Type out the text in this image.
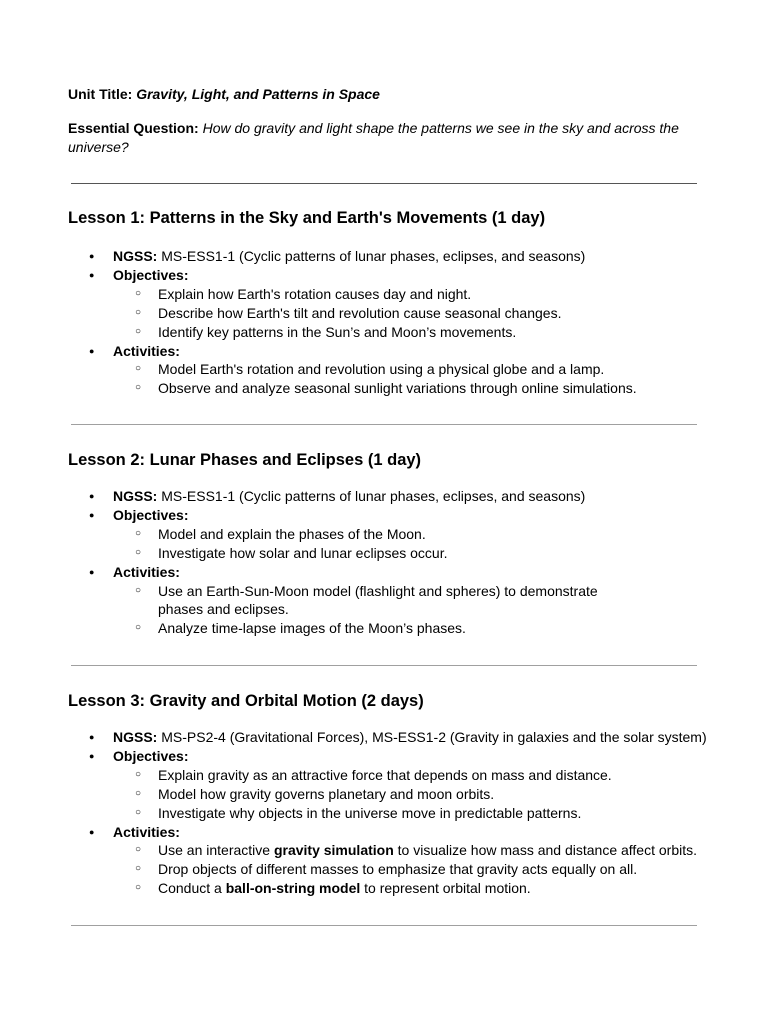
Unit Title: Gravity, Light, and Patterns in Space

Essential Question: How do gravity and light shape the patterns we see in the sky and across the universe?

Lesson 1: Patterns in the Sky and Earth's Movements (1 day)
● NGSS: MS-ESS1-1 (Cyclic patterns of lunar phases, eclipses, and seasons)
● Objectives:
○ Explain how Earth's rotation causes day and night.
○ Describe how Earth's tilt and revolution cause seasonal changes.
○ Identify key patterns in the Sun’s and Moon’s movements.
● Activities:
○ Model Earth's rotation and revolution using a physical globe and a lamp.
○ Observe and analyze seasonal sunlight variations through online simulations.
Lesson 2: Lunar Phases and Eclipses (1 day)
● NGSS: MS-ESS1-1 (Cyclic patterns of lunar phases, eclipses, and seasons)
● Objectives:
○ Model and explain the phases of the Moon.
○ Investigate how solar and lunar eclipses occur.
● Activities:
○ Use an Earth-Sun-Moon model (flashlight and spheres) to demonstrate phases and eclipses.
○ Analyze time-lapse images of the Moon’s phases.
Lesson 3: Gravity and Orbital Motion (2 days)
● NGSS: MS-PS2-4 (Gravitational Forces), MS-ESS1-2 (Gravity in galaxies and the solar system)
● Objectives:
○ Explain gravity as an attractive force that depends on mass and distance.
○ Model how gravity governs planetary and moon orbits.
○ Investigate why objects in the universe move in predictable patterns.
● Activities:
○ Use an interactive gravity simulation to visualize how mass and distance affect orbits.
○ Drop objects of different masses to emphasize that gravity acts equally on all.
○ Conduct a ball-on-string model to represent orbital motion.
